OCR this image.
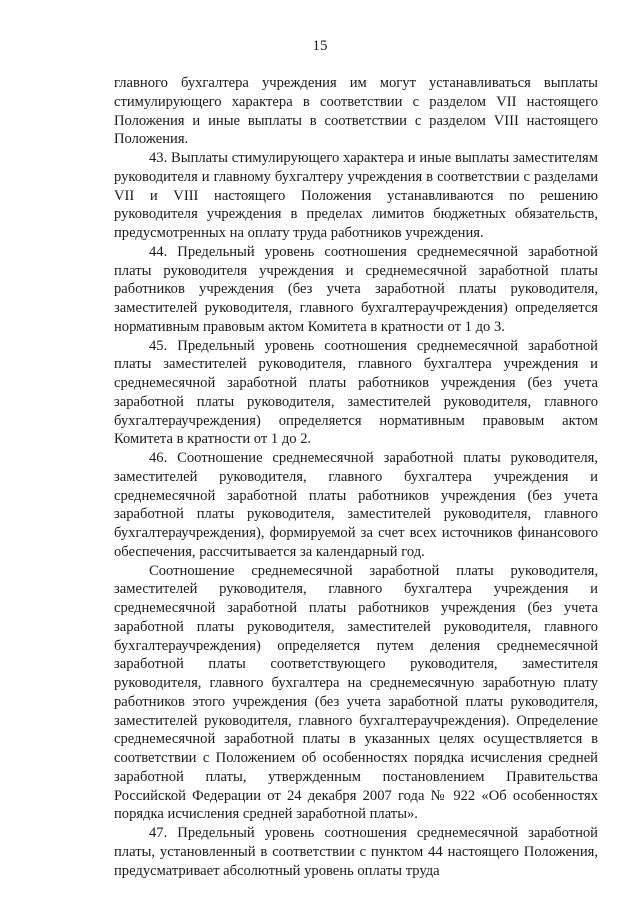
15

главного бухгалтера учреждения им могут устанавливаться выплаты стимулирующего характера в соответствии с разделом VII настоящего Положения и иные выплаты в соответствии с разделом VIII настоящего Положения.

43. Выплаты стимулирующего характера и иные выплаты заместителям руководителя и главному бухгалтеру учреждения в соответствии с разделами VII и VIII настоящего Положения устанавливаются по решению руководителя учреждения в пределах лимитов бюджетных обязательств, предусмотренных на оплату труда работников учреждения.

44. Предельный уровень соотношения среднемесячной заработной платы руководителя учреждения и среднемесячной заработной платы работников учреждения (без учета заработной платы руководителя, заместителей руководителя, главного бухгалтераучреждения) определяется нормативным правовым актом Комитета в кратности от 1 до 3.

45. Предельный уровень соотношения среднемесячной заработной платы заместителей руководителя, главного бухгалтера учреждения и среднемесячной заработной платы работников учреждения (без учета заработной платы руководителя, заместителей руководителя, главного бухгалтераучреждения) определяется нормативным правовым актом Комитета в кратности от 1 до 2.

46. Соотношение среднемесячной заработной платы руководителя, заместителей руководителя, главного бухгалтера учреждения и среднемесячной заработной платы работников учреждения (без учета заработной платы руководителя, заместителей руководителя, главного бухгалтераучреждения), формируемой за счет всех источников финансового обеспечения, рассчитывается за календарный год.

Соотношение среднемесячной заработной платы руководителя, заместителей руководителя, главного бухгалтера учреждения и среднемесячной заработной платы работников учреждения (без учета заработной платы руководителя, заместителей руководителя, главного бухгалтераучреждения) определяется путем деления среднемесячной заработной платы соответствующего руководителя, заместителя руководителя, главного бухгалтера на среднемесячную заработную плату работников этого учреждения (без учета заработной платы руководителя, заместителей руководителя, главного бухгалтераучреждения). Определение среднемесячной заработной платы в указанных целях осуществляется в соответствии с Положением об особенностях порядка исчисления средней заработной платы, утвержденным постановлением Правительства Российской Федерации от 24 декабря 2007 года № 922 «Об особенностях порядка исчисления средней заработной платы».

47. Предельный уровень соотношения среднемесячной заработной платы, установленный в соответствии с пунктом 44 настоящего Положения, предусматривает абсолютный уровень оплаты труда
